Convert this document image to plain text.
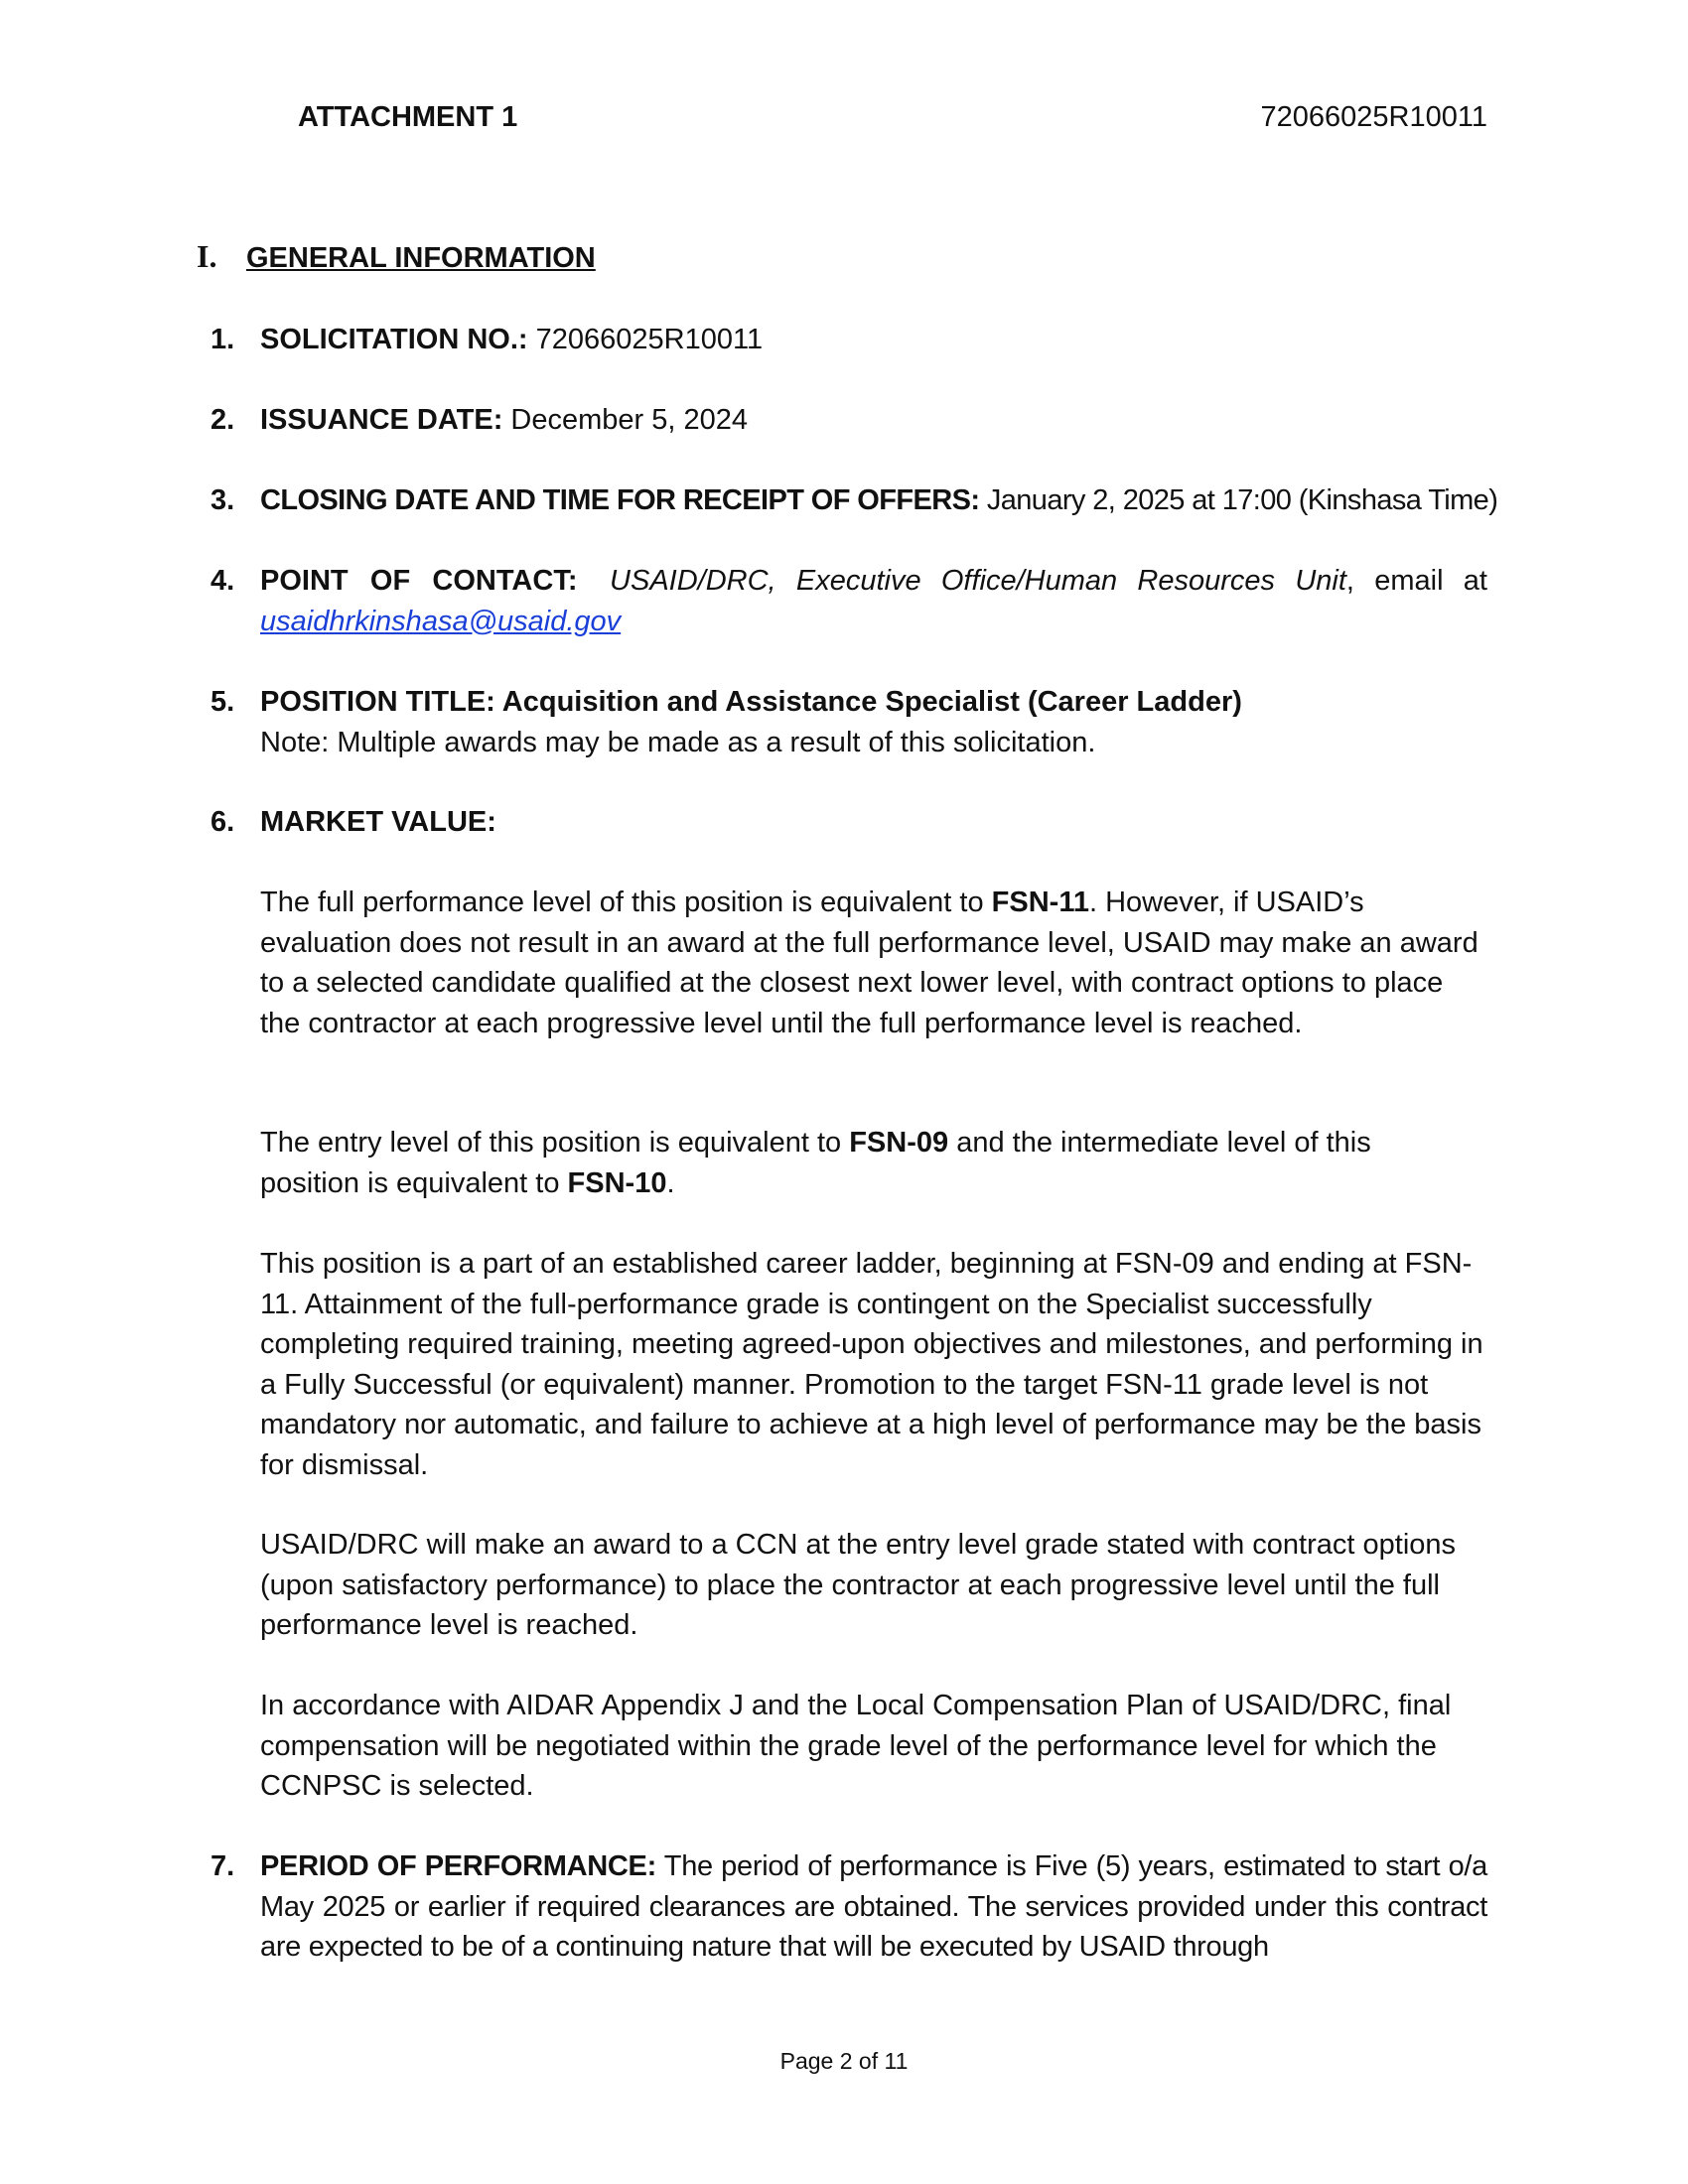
ATTACHMENT 1	72066025R10011
I. GENERAL INFORMATION
1. SOLICITATION NO.: 72066025R10011
2. ISSUANCE DATE: December 5, 2024
3. CLOSING DATE AND TIME FOR RECEIPT OF OFFERS: January 2, 2025 at 17:00 (Kinshasa Time)
4. POINT OF CONTACT: USAID/DRC, Executive Office/Human Resources Unit, email at
usaidhrkinshasa@usaid.gov
5. POSITION TITLE: Acquisition and Assistance Specialist (Career Ladder)
Note: Multiple awards may be made as a result of this solicitation.
6. MARKET VALUE:
The full performance level of this position is equivalent to FSN-11. However, if USAID’s evaluation does not result in an award at the full performance level, USAID may make an award to a selected candidate qualified at the closest next lower level, with contract options to place the contractor at each progressive level until the full performance level is reached.
The entry level of this position is equivalent to FSN-09 and the intermediate level of this position is equivalent to FSN-10.
This position is a part of an established career ladder, beginning at FSN-09 and ending at FSN-11. Attainment of the full-performance grade is contingent on the Specialist successfully completing required training, meeting agreed-upon objectives and milestones, and performing in a Fully Successful (or equivalent) manner. Promotion to the target FSN-11 grade level is not mandatory nor automatic, and failure to achieve at a high level of performance may be the basis for dismissal.
USAID/DRC will make an award to a CCN at the entry level grade stated with contract options (upon satisfactory performance) to place the contractor at each progressive level until the full performance level is reached.
In accordance with AIDAR Appendix J and the Local Compensation Plan of USAID/DRC, final compensation will be negotiated within the grade level of the performance level for which the CCNPSC is selected.
7. PERIOD OF PERFORMANCE: The period of performance is Five (5) years, estimated to start o/a May 2025 or earlier if required clearances are obtained. The services provided under this contract are expected to be of a continuing nature that will be executed by USAID through
Page 2 of 11
